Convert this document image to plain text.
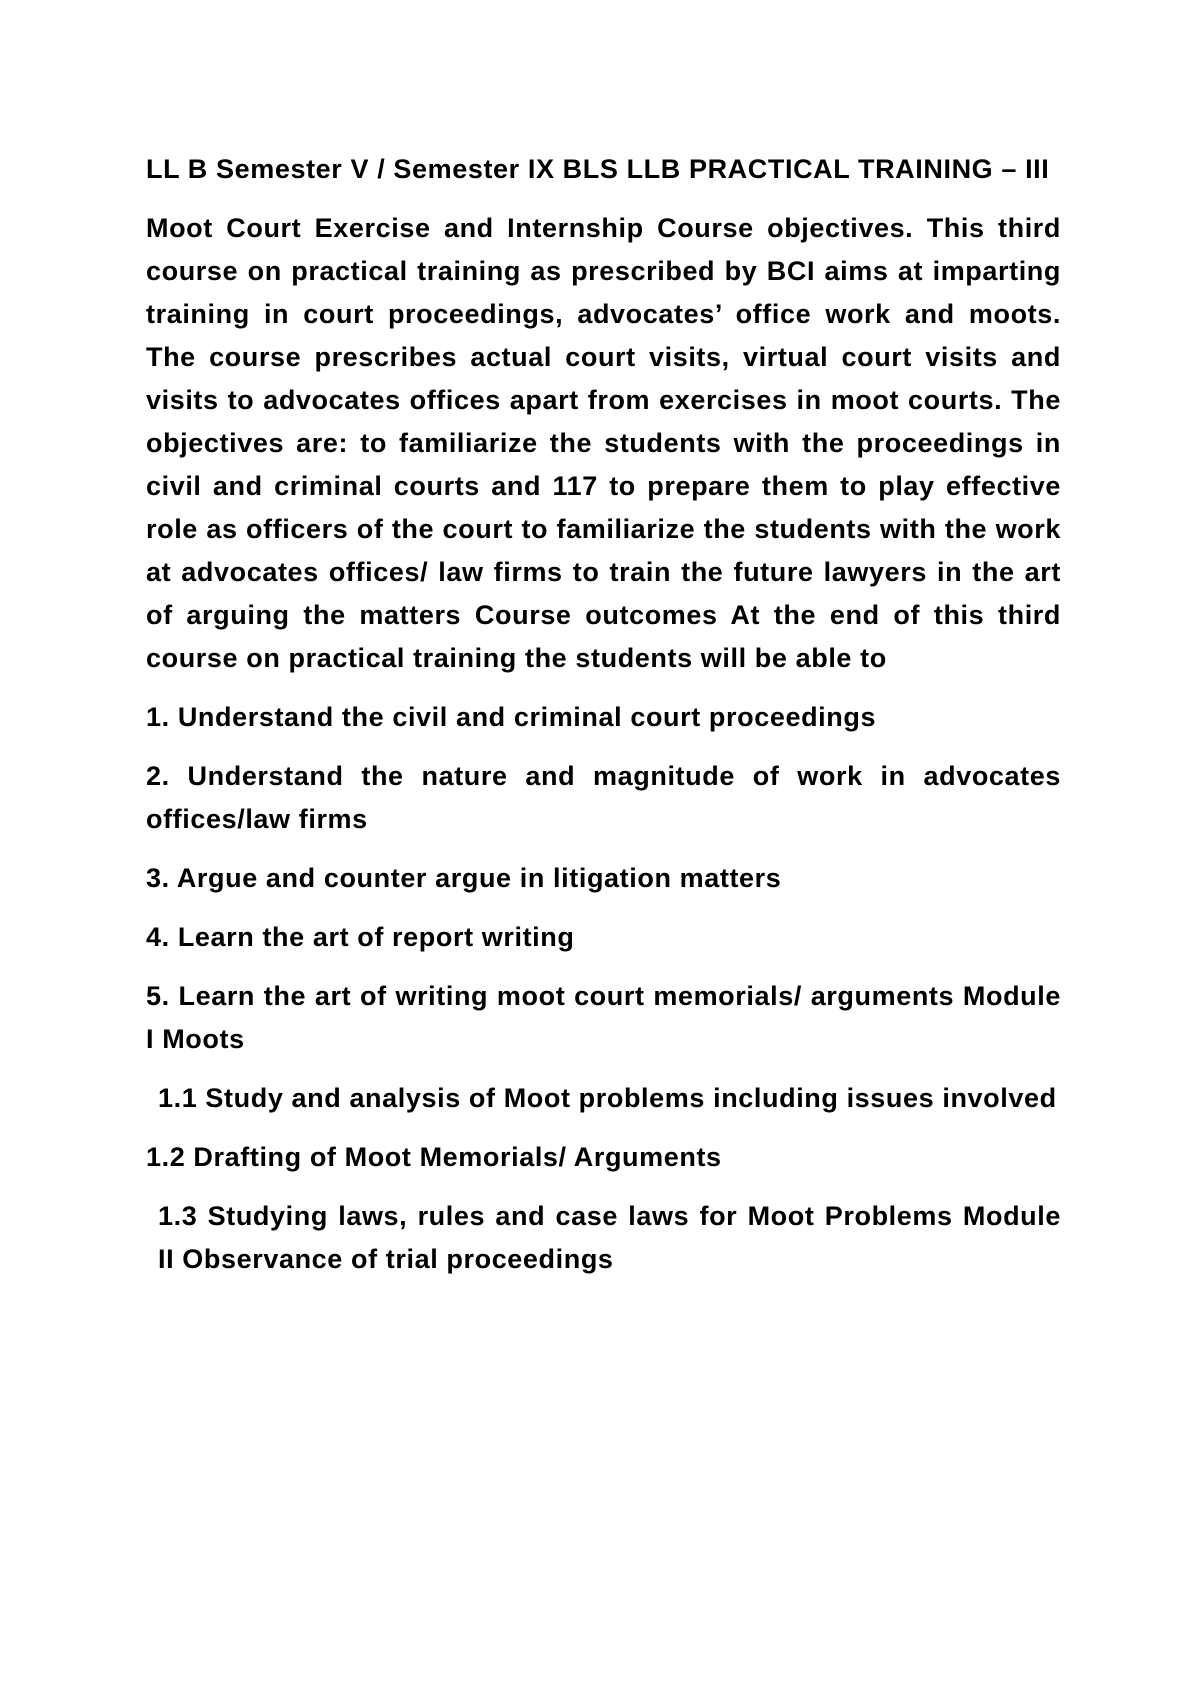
LL B Semester V / Semester IX BLS LLB PRACTICAL TRAINING – III

Moot Court Exercise and Internship Course objectives. This third course on practical training as prescribed by BCI aims at imparting training in court proceedings, advocates’ office work and moots. The course prescribes actual court visits, virtual court visits and visits to advocates offices apart from exercises in moot courts. The objectives are: to familiarize the students with the proceedings in civil and criminal courts and 117 to prepare them to play effective role as officers of the court to familiarize the students with the work at advocates offices/ law firms to train the future lawyers in the art of arguing the matters Course outcomes At the end of this third course on practical training the students will be able to

1. Understand the civil and criminal court proceedings

2. Understand the nature and magnitude of work in advocates offices/law firms

3. Argue and counter argue in litigation matters

4. Learn the art of report writing

5. Learn the art of writing moot court memorials/ arguments Module I Moots

1.1 Study and analysis of Moot problems including issues involved

1.2 Drafting of Moot Memorials/ Arguments

1.3 Studying laws, rules and case laws for Moot Problems Module II Observance of trial proceedings
